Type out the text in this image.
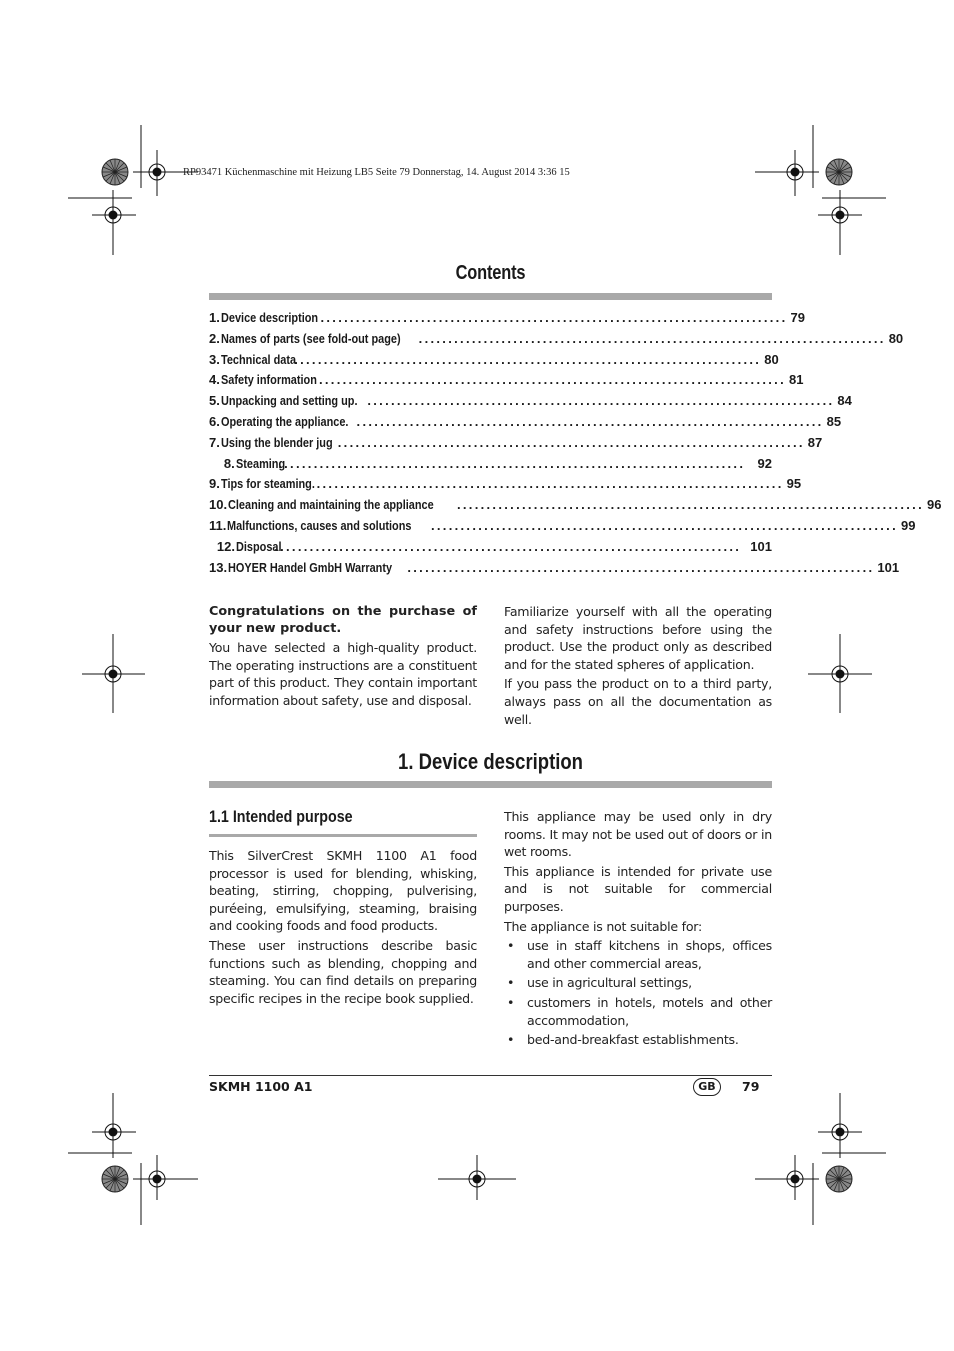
RP93471 Küchenmaschine mit Heizung LB5 Seite 79 Donnerstag, 14. August 2014 3:36 15
Contents
1. Device description ............................................................................... 79
2. Names of parts (see fold-out page) ............................................................................... 80
3. Technical data
............................................................................... 80
4. Safety information ............................................................................... 81
5. Unpacking and setting up. ............................................................................... 84
6. Operating the appliance. ............................................................................... 85
7. Using the blender jug ............................................................................... 87
8. Steaming
............................................................................... 92
9. Tips for steaming. ............................................................................... 95
10. Cleaning and maintaining the appliance ............................................................................... 96
11. Malfunctions, causes and solutions ............................................................................... 99
12. Disposal
............................................................................... 101
13. HOYER Handel GmbH Warranty ............................................................................... 101

Congratulations on the purchase of your new product.

You have selected a high-quality product. The operating instructions are a constituent part of this product. They contain important information about safety, use and disposal.

Familiarize yourself with all the operating and safety instructions before using the product. Use the product only as described and for the stated spheres of application.

If you pass the product on to a third party, always pass on all the documentation as well.

1. Device description
1.1 Intended purpose

This SilverCrest SKMH 1100 A1 food processor is used for blending, whisking, beating, stirring, chopping, pulverising, puréeing, emulsifying, steaming, braising and cooking foods and food products.

These user instructions describe basic functions such as blending, chopping and steaming. You can find details on preparing specific recipes in the recipe book supplied.

This appliance may be used only in dry rooms. It may not be used out of doors or in wet rooms.

This appliance is intended for private use and is not suitable for commercial purposes.

The appliance is not suitable for:

• use in staff kitchens in shops, offices and other commercial areas,
• use in agricultural settings,
• customers in hotels, motels and other accommodation,
• bed-and-breakfast establishments.
SKMH 1100 A1	GB	79
